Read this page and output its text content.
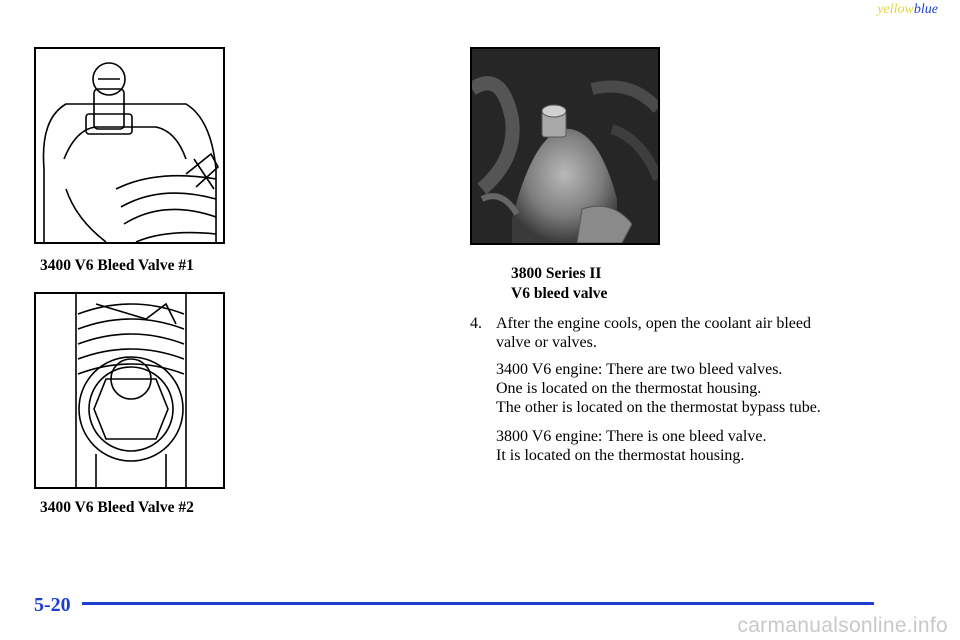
yellowblue
3400 V6 Bleed Valve #1
3400 V6 Bleed Valve #2
3800 Series II
V6 bleed valve
4. After the engine cools, open the coolant air bleed
valve or valves.
3400 V6 engine: There are two bleed valves.
One is located on the thermostat housing.
The other is located on the thermostat bypass tube.
3800 V6 engine: There is one bleed valve.
It is located on the thermostat housing.
5-20
carmanualsonline.info
